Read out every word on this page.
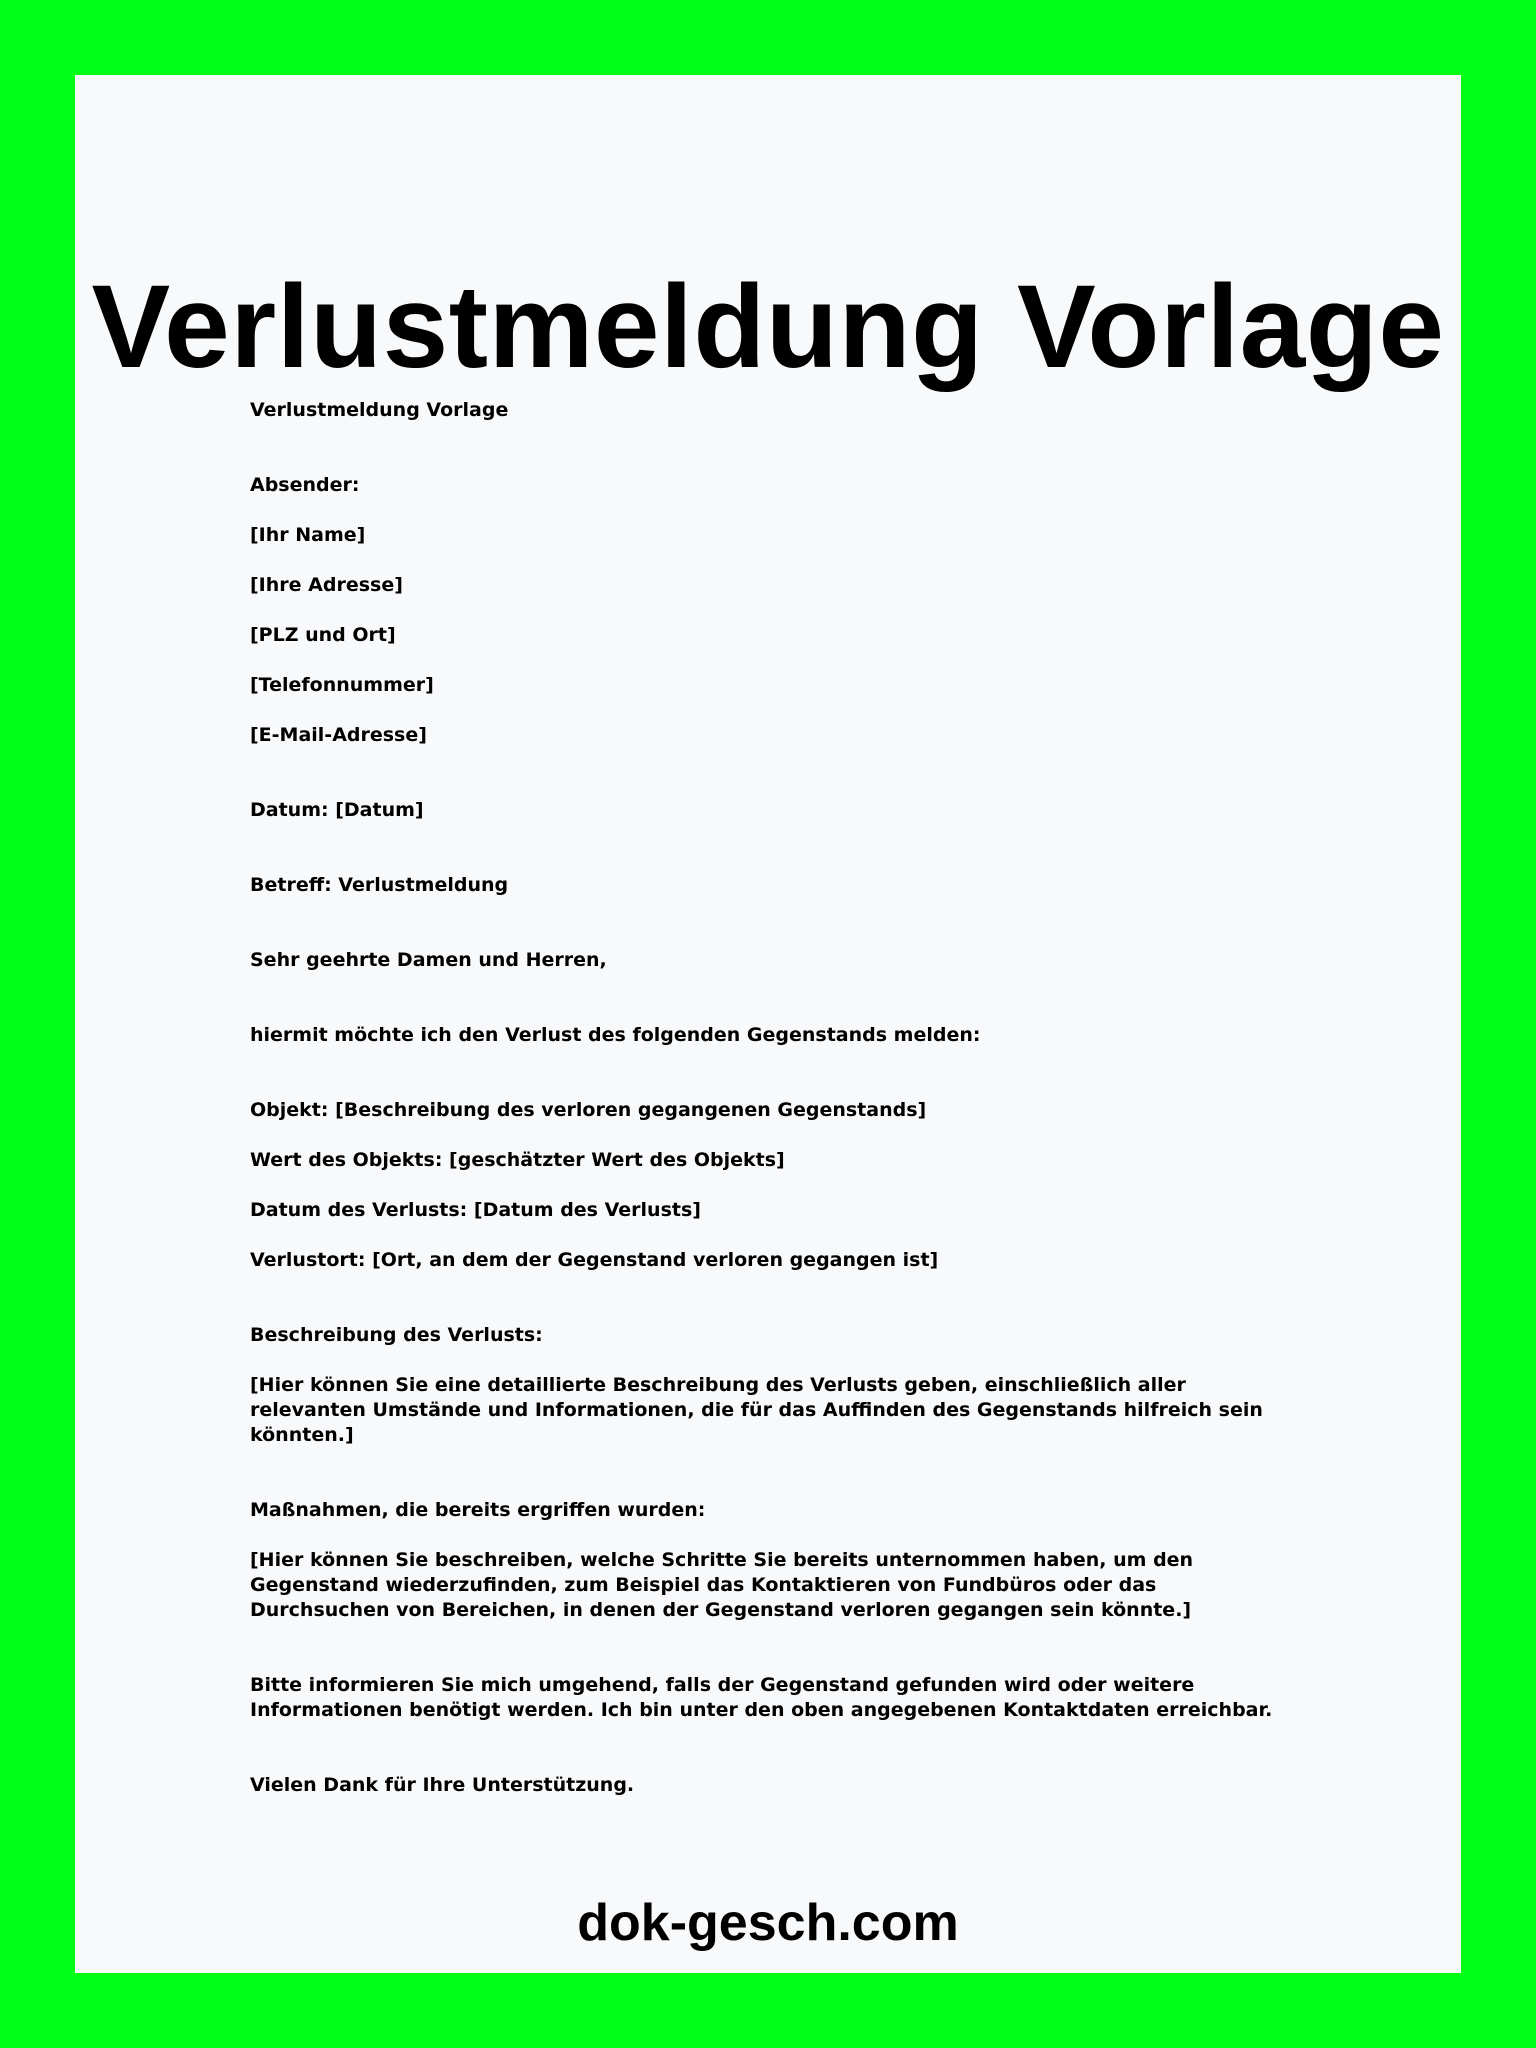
Verlustmeldung Vorlage

Verlustmeldung Vorlage

Absender:

[Ihr Name]

[Ihre Adresse]

[PLZ und Ort]

[Telefonnummer]

[E-Mail-Adresse]

Datum: [Datum]

Betreff: Verlustmeldung

Sehr geehrte Damen und Herren,

hiermit möchte ich den Verlust des folgenden Gegenstands melden:

Objekt: [Beschreibung des verloren gegangenen Gegenstands]

Wert des Objekts: [geschätzter Wert des Objekts]

Datum des Verlusts: [Datum des Verlusts]

Verlustort: [Ort, an dem der Gegenstand verloren gegangen ist]

Beschreibung des Verlusts:

[Hier können Sie eine detaillierte Beschreibung des Verlusts geben, einschließlich aller relevanten Umstände und Informationen, die für das Auffinden des Gegenstands hilfreich sein könnten.]

Maßnahmen, die bereits ergriffen wurden:

[Hier können Sie beschreiben, welche Schritte Sie bereits unternommen haben, um den Gegenstand wiederzufinden, zum Beispiel das Kontaktieren von Fundbüros oder das Durchsuchen von Bereichen, in denen der Gegenstand verloren gegangen sein könnte.]

Bitte informieren Sie mich umgehend, falls der Gegenstand gefunden wird oder weitere Informationen benötigt werden. Ich bin unter den oben angegebenen Kontaktdaten erreichbar.

Vielen Dank für Ihre Unterstützung.

dok-gesch.com
